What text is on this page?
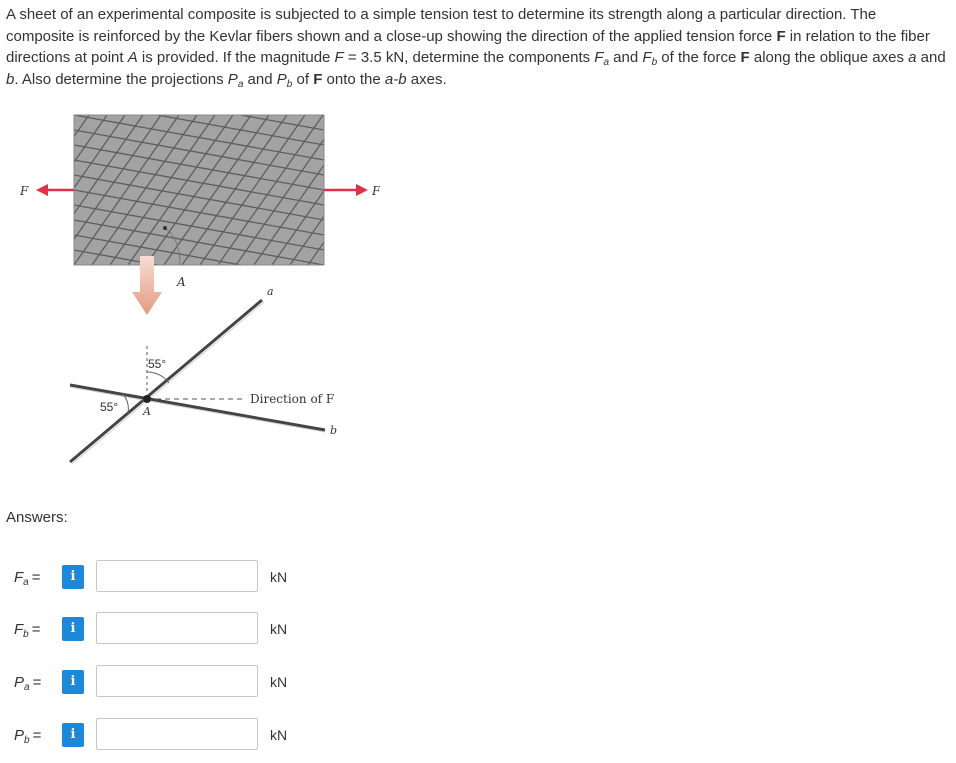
A sheet of an experimental composite is subjected to a simple tension test to determine its strength along a particular direction. The composite is reinforced by the Kevlar fibers shown and a close-up showing the direction of the applied tension force F in relation to the fiber directions at point A is provided. If the magnitude F = 3.5 kN, determine the components $F_a$ and $F_b$ of the force F along the oblique axes a and b. Also determine the projections $P_a$ and $P_b$ of F onto the a-b axes.
A
F	F
a
b
Direction of F
A
55°
55°
Answers:
$F_a$ =	i	kN
$F_b$ =	i	kN
$P_a$ =	i	kN
$P_b$ =	i	kN
